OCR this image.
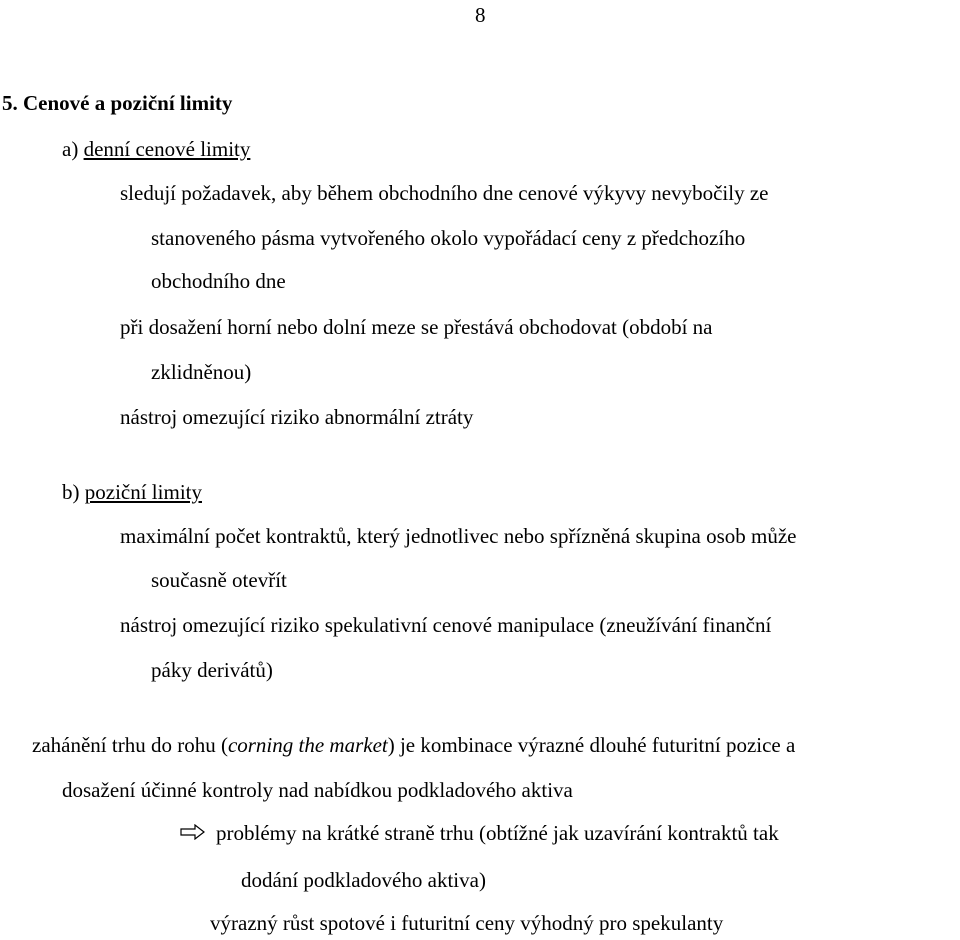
8
5. Cenové a poziční limity
a) denní cenové limity
sledují požadavek, aby během obchodního dne cenové výkyvy nevybočily ze
stanoveného pásma vytvořeného okolo vypořádací ceny z předchozího
obchodního dne
při dosažení horní nebo dolní meze se přestává obchodovat (období na
zklidněnou)
nástroj omezující riziko abnormální ztráty
b) poziční limity
maximální počet kontraktů, který jednotlivec nebo spřízněná skupina osob může
současně otevřít
nástroj omezující riziko spekulativní cenové manipulace (zneužívání finanční
páky derivátů)
zahánění trhu do rohu (corning the market) je kombinace výrazné dlouhé futuritní pozice a
dosažení účinné kontroly nad nabídkou podkladového aktiva
problémy na krátké straně trhu (obtížné jak uzavírání kontraktů tak
dodání podkladového aktiva)
výrazný růst spotové i futuritní ceny výhodný pro spekulanty
